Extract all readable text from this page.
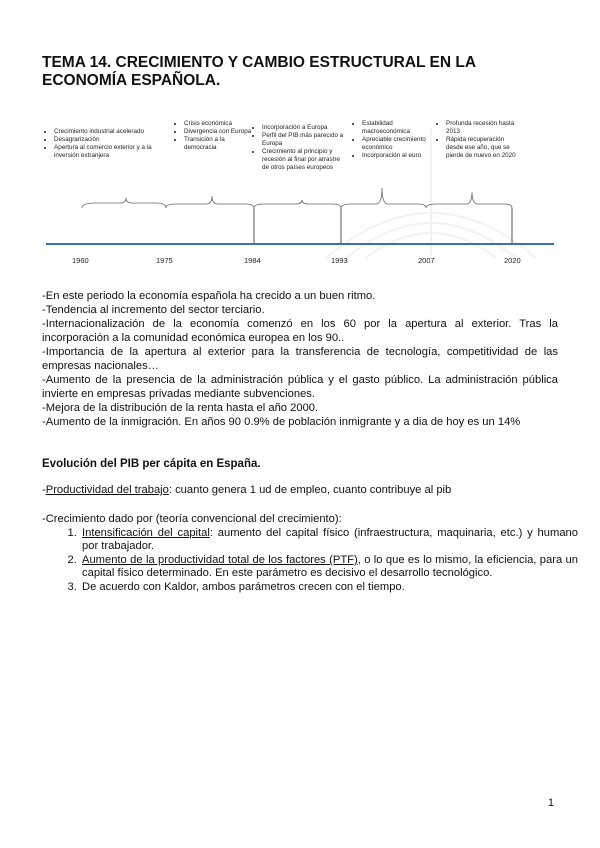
TEMA 14. CRECIMIENTO Y CAMBIO ESTRUCTURAL EN LA ECONOMÍA ESPAÑOLA.
• Crecimiento industrial acelerado
• Desagrarización
• Apertura al comercio exterior y a la inversión extranjera
• Crisis económica
• Divergencia con Europa
• Transición a la democracia
• Incorporación a Europa
• Perfil del PIB más parecido a Europa
• Crecimiento al principio y recesión al final por arrastre de otros países europeos
• Estabilidad macroeconómica
• Apreciable crecimiento económico
• Incorporación al euro
• Profunda recesión hasta 2013
• Rápida recuperación desde ese año, que se pierde de nuevo en 2020
1960	1975	1984	1993	2007	2020

-En este periodo la economía española ha crecido a un buen ritmo.

-Tendencia al incremento del sector terciario.

-Internacionalización de la economía comenzó en los 60 por la apertura al exterior. Tras la incorporación a la comunidad económica europea en los 90..

-Importancia de la apertura al exterior para la transferencia de tecnología, competitividad de las empresas nacionales…

-Aumento de la presencia de la administración pública y el gasto público. La administración pública invierte en empresas privadas mediante subvenciones.

-Mejora de la distribución de la renta hasta el año 2000.

-Aumento de la inmigración. En años 90 0.9% de población inmigrante y a dia de hoy es un 14%

Evolución del PIB per cápita en España.
-Productividad del trabajo: cuanto genera 1 ud de empleo, cuanto contribuye al pib
-Crecimiento dado por (teoría convencional del crecimiento):
1. Intensificación del capital: aumento del capital físico (infraestructura, maquinaria, etc.) y humano por trabajador.
2. Aumento de la productividad total de los factores (PTF), o lo que es lo mismo, la eficiencia, para un capital físico determinado. En este parámetro es decisivo el desarrollo tecnológico.
3. De acuerdo con Kaldor, ambos parámetros crecen con el tiempo.
1
